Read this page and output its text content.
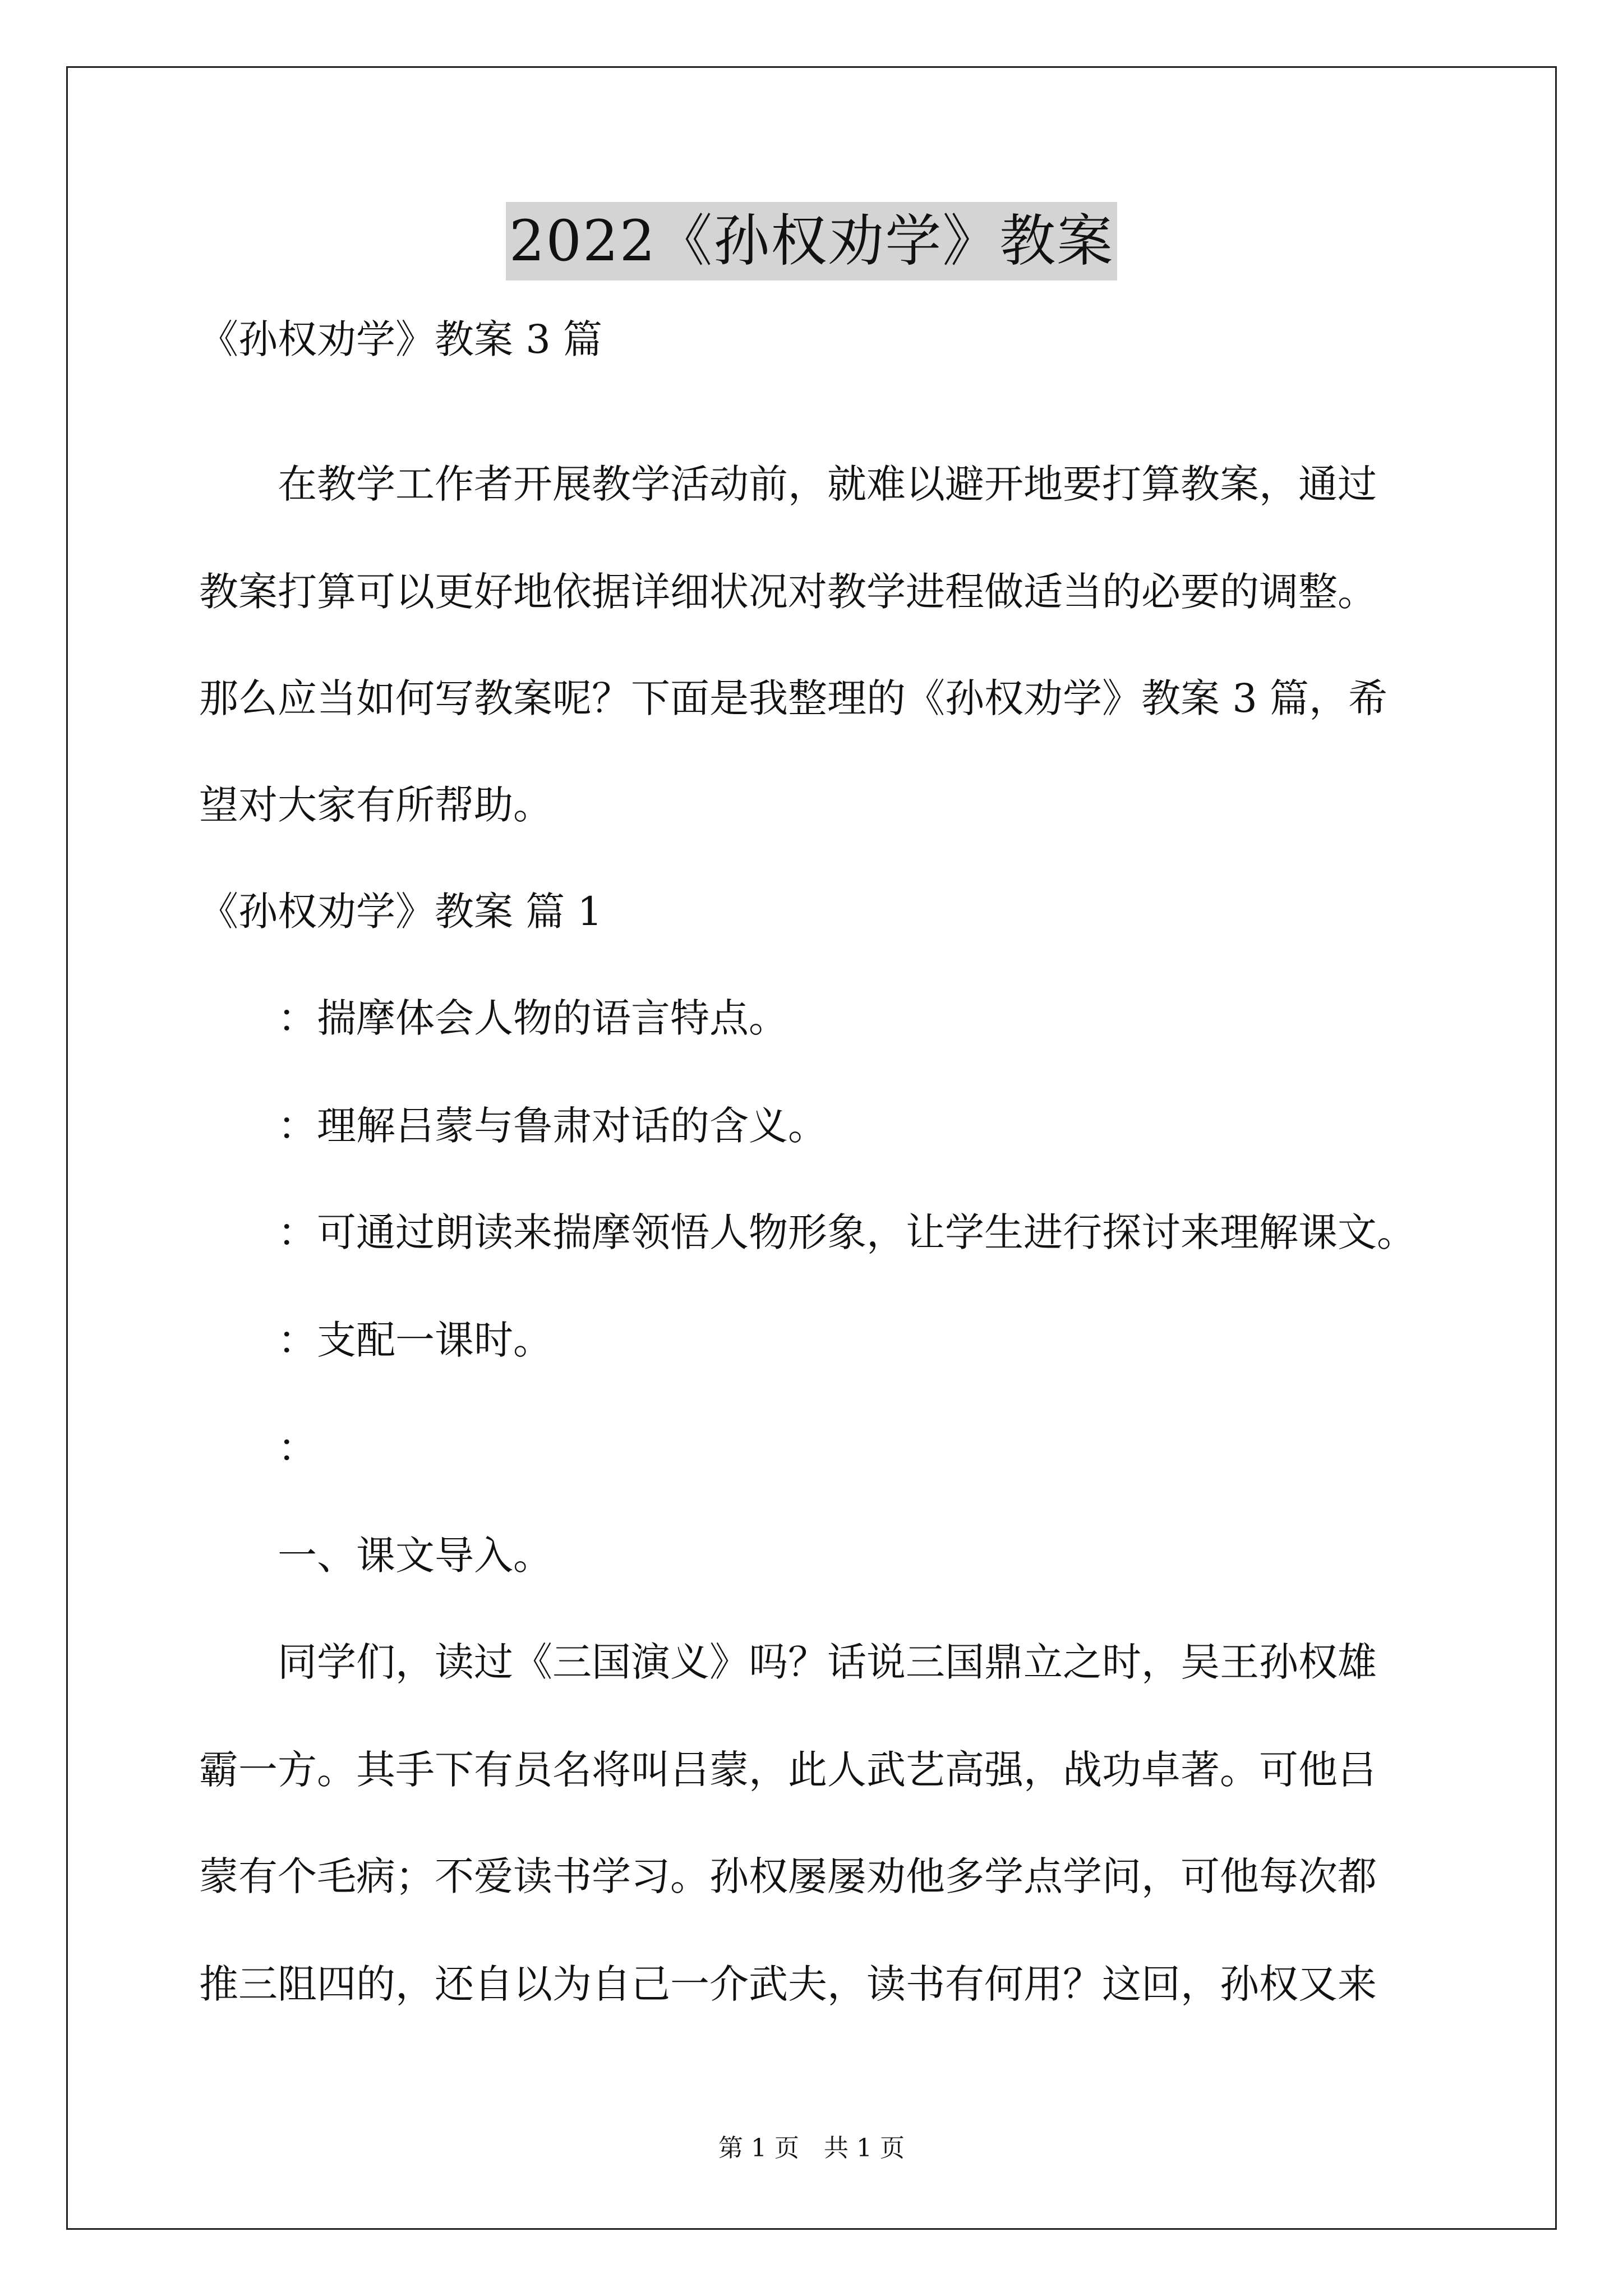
2022《孙权劝学》教案
《孙权劝学》教案 3 篇
在教学工作者开展教学活动前，就难以避开地要打算教案，通过
教案打算可以更好地依据详细状况对教学进程做适当的必要的调整。
那么应当如何写教案呢？下面是我整理的《孙权劝学》教案 3 篇，希
望对大家有所帮助。
《孙权劝学》教案 篇 1
：揣摩体会人物的语言特点。
：理解吕蒙与鲁肃对话的含义。
：可通过朗读来揣摩领悟人物形象，让学生进行探讨来理解课文。
：支配一课时。
：
一、课文导入。
同学们，读过《三国演义》吗？话说三国鼎立之时，吴王孙权雄
霸一方。其手下有员名将叫吕蒙，此人武艺高强，战功卓著。可他吕
蒙有个毛病；不爱读书学习。孙权屡屡劝他多学点学问，可他每次都
推三阻四的，还自以为自己一介武夫，读书有何用？这回，孙权又来
第 1 页　共 1 页
